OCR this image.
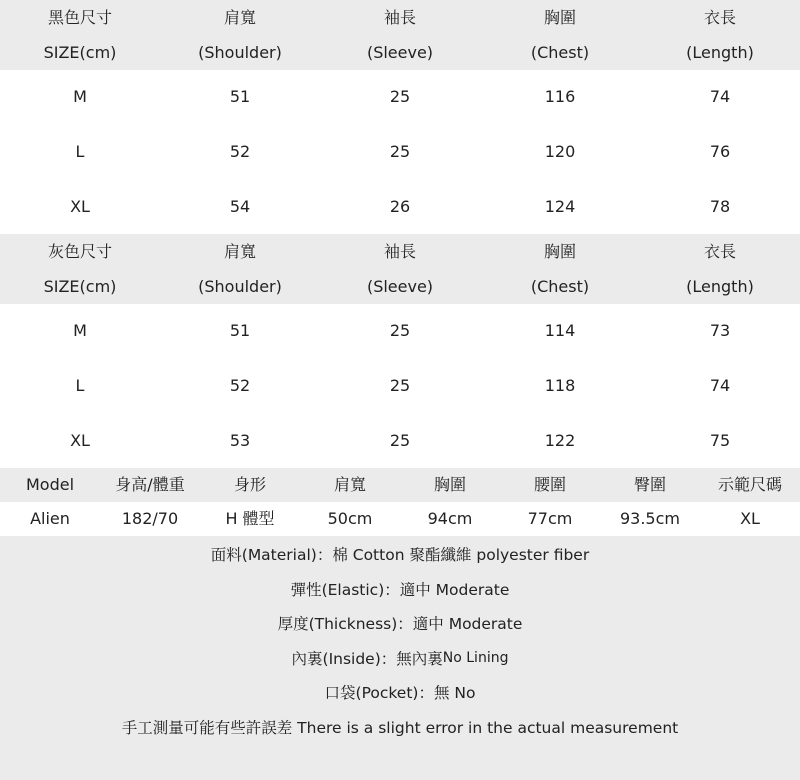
黑色尺寸	肩寬	袖長	胸圍	衣長
SIZE(cm)	(Shoulder)	(Sleeve)	(Chest)	(Length)
M	51	25	116	74
L	52	25	120	76
XL	54	26	124	78
灰色尺寸	肩寬	袖長	胸圍	衣長
SIZE(cm)	(Shoulder)	(Sleeve)	(Chest)	(Length)
M	51	25	114	73
L	52	25	118	74
XL	53	25	122	75
Model	身高/體重	身形	肩寬	胸圍	腰圍	臀圍	示範尺碼
Alien	182/70	H 體型	50cm	94cm	77cm	93.5cm	XL
面料(Material)：棉 Cotton 聚酯纖維 polyester fiber
彈性(Elastic)：適中 Moderate
厚度(Thickness)：適中 Moderate
內裏(Inside)：無內裏 No Lining
口袋(Pocket)：無 No
手工測量可能有些許誤差 There is a slight error in the actual measurement
